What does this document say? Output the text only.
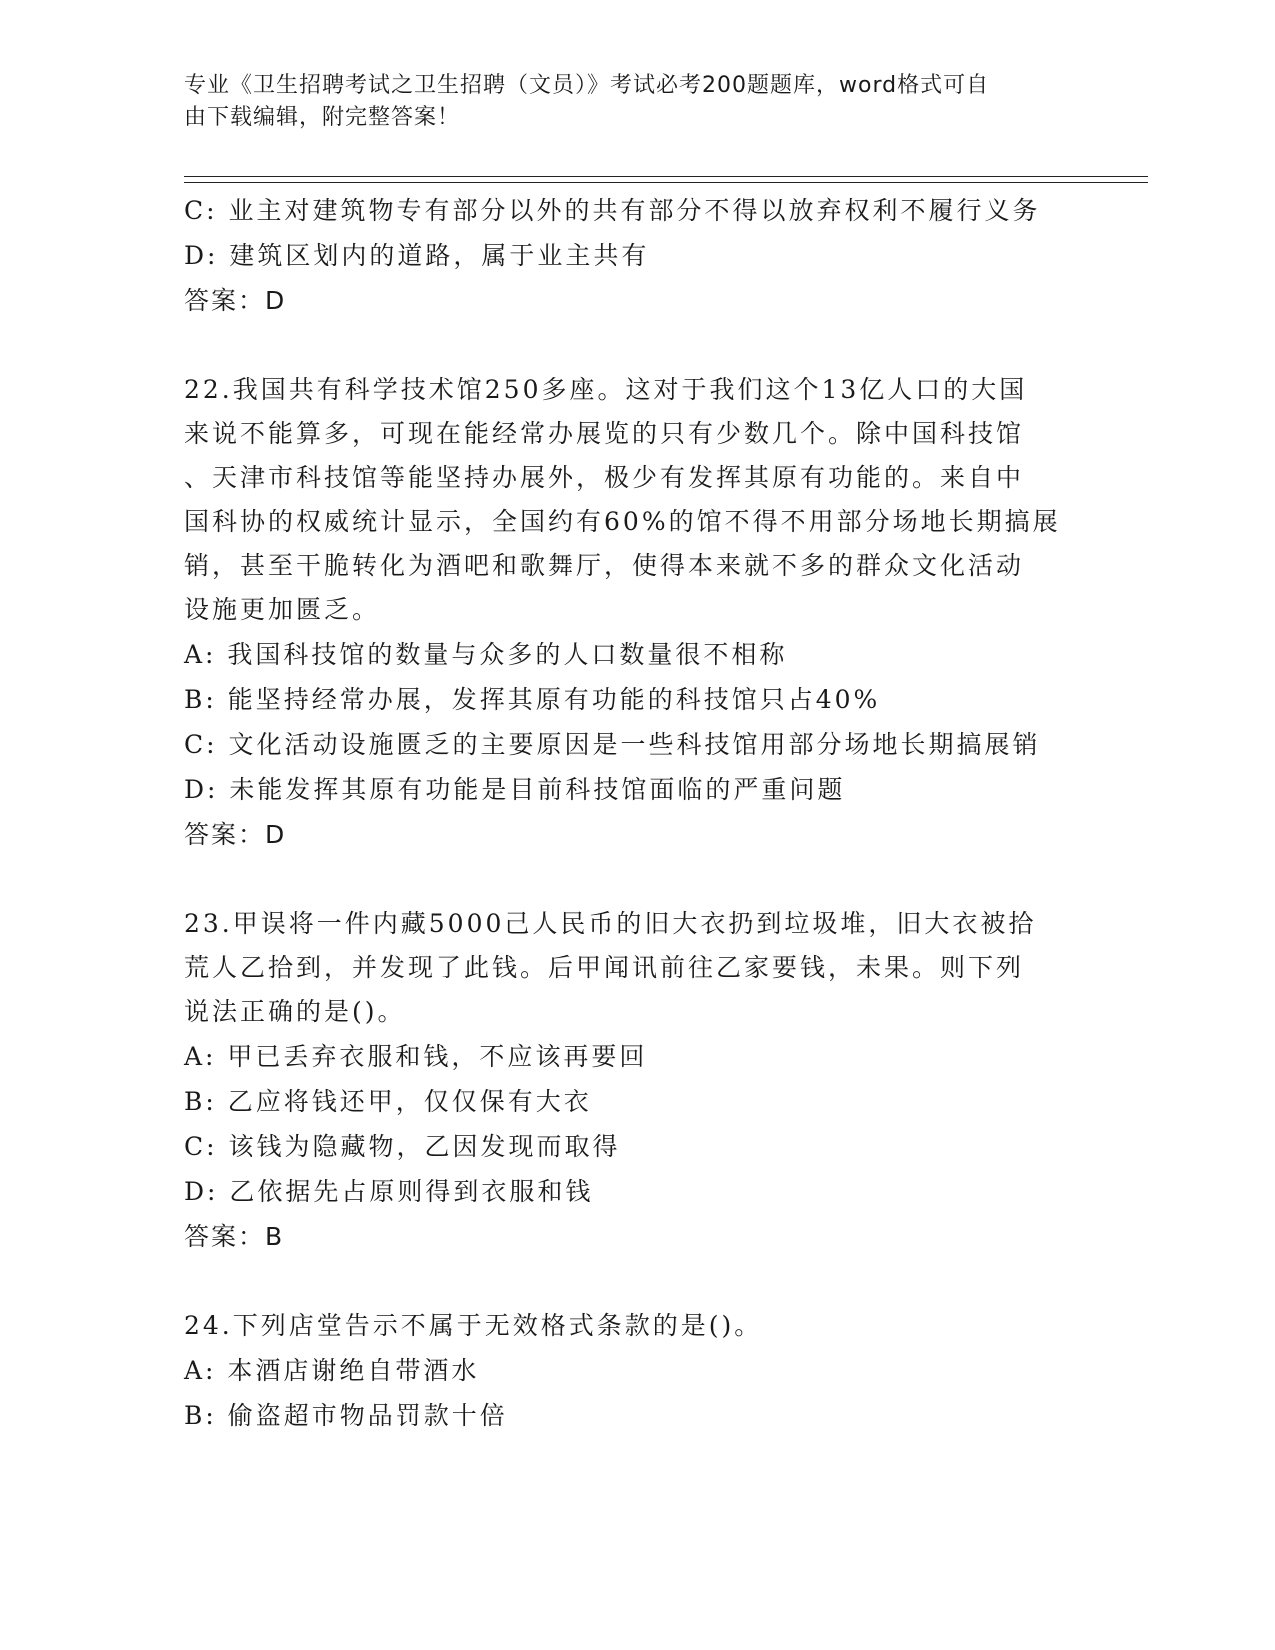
专业《卫生招聘考试之卫生招聘（文员）》考试必考200题题库，word格式可自
由下载编辑，附完整答案！
C: 业主对建筑物专有部分以外的共有部分不得以放弃权利不履行义务
D: 建筑区划内的道路，属于业主共有
答案：D
22.我国共有科学技术馆250多座。这对于我们这个13亿人口的大国
来说不能算多，可现在能经常办展览的只有少数几个。除中国科技馆
、天津市科技馆等能坚持办展外，极少有发挥其原有功能的。来自中
国科协的权威统计显示，全国约有60%的馆不得不用部分场地长期搞展
销，甚至干脆转化为酒吧和歌舞厅，使得本来就不多的群众文化活动
设施更加匮乏。
A: 我国科技馆的数量与众多的人口数量很不相称
B: 能坚持经常办展，发挥其原有功能的科技馆只占40%
C: 文化活动设施匮乏的主要原因是一些科技馆用部分场地长期搞展销
D: 未能发挥其原有功能是目前科技馆面临的严重问题
答案：D
23.甲误将一件内藏5000己人民币的旧大衣扔到垃圾堆，旧大衣被拾
荒人乙拾到，并发现了此钱。后甲闻讯前往乙家要钱，未果。则下列
说法正确的是()。
A: 甲已丢弃衣服和钱，不应该再要回
B: 乙应将钱还甲，仅仅保有大衣
C: 该钱为隐藏物，乙因发现而取得
D: 乙依据先占原则得到衣服和钱
答案：B
24.下列店堂告示不属于无效格式条款的是()。
A: 本酒店谢绝自带酒水
B: 偷盗超市物品罚款十倍
